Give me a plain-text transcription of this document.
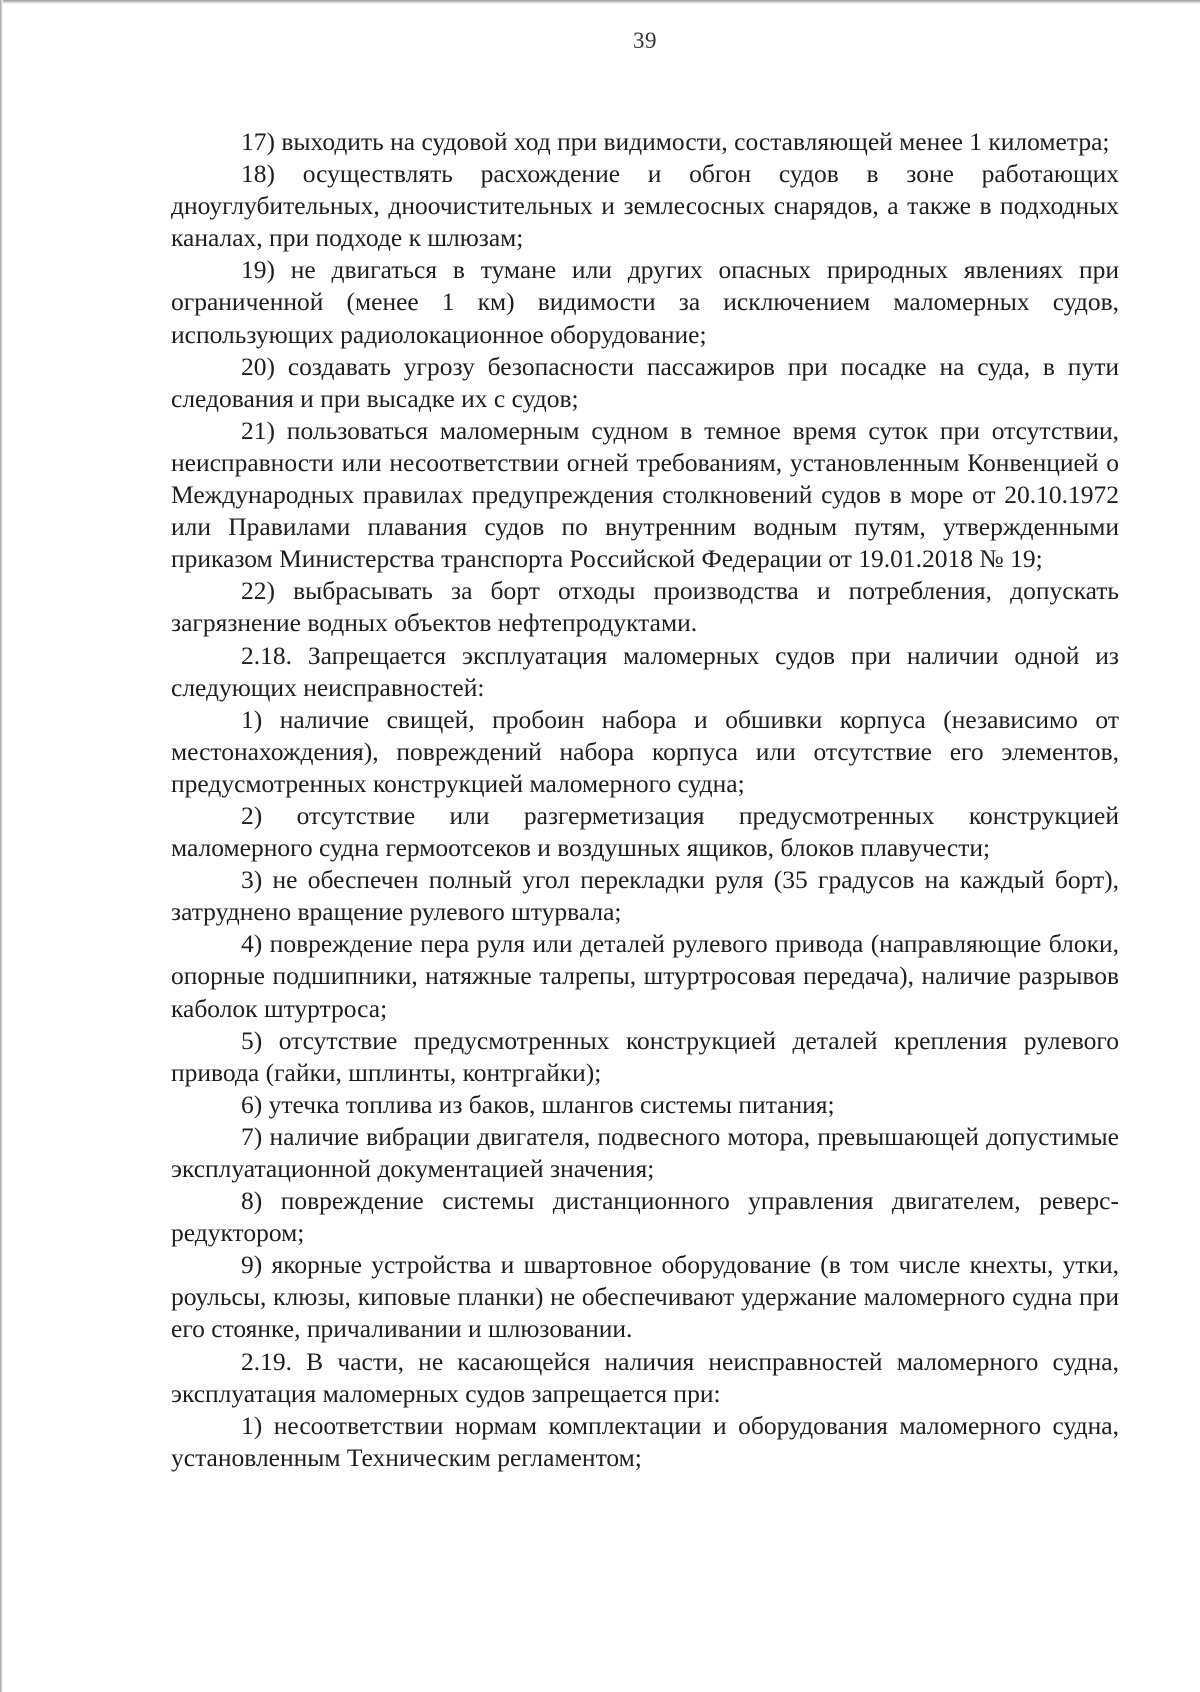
39

17) выходить на судовой ход при видимости, составляющей менее 1 километра;

18) осуществлять расхождение и обгон судов в зоне работающих дноуглубительных, дноочистительных и землесосных снарядов, а также в подходных каналах, при подходе к шлюзам;

19) не двигаться в тумане или других опасных природных явлениях при ограниченной (менее 1 км) видимости за исключением маломерных судов, использующих радиолокационное оборудование;

20) создавать угрозу безопасности пассажиров при посадке на суда, в пути следования и при высадке их с судов;

21) пользоваться маломерным судном в темное время суток при отсутствии, неисправности или несоответствии огней требованиям, установленным Конвенцией о Международных правилах предупреждения столкновений судов в море от 20.10.1972 или Правилами плавания судов по внутренним водным путям, утвержденными приказом Министерства транспорта Российской Федерации от 19.01.2018 № 19;

22) выбрасывать за борт отходы производства и потребления, допускать загрязнение водных объектов нефтепродуктами.

2.18. Запрещается эксплуатация маломерных судов при наличии одной из следующих неисправностей:

1) наличие свищей, пробоин набора и обшивки корпуса (независимо от местонахождения), повреждений набора корпуса или отсутствие его элементов, предусмотренных конструкцией маломерного судна;

2) отсутствие или разгерметизация предусмотренных конструкцией маломерного судна гермоотсеков и воздушных ящиков, блоков плавучести;

3) не обеспечен полный угол перекладки руля (35 градусов на каждый борт), затруднено вращение рулевого штурвала;

4) повреждение пера руля или деталей рулевого привода (направляющие блоки, опорные подшипники, натяжные талрепы, штуртросовая передача), наличие разрывов каболок штуртроса;

5) отсутствие предусмотренных конструкцией деталей крепления рулевого привода (гайки, шплинты, контргайки);

6) утечка топлива из баков, шлангов системы питания;

7) наличие вибрации двигателя, подвесного мотора, превышающей допустимые эксплуатационной документацией значения;

8) повреждение системы дистанционного управления двигателем, реверс-редуктором;

9) якорные устройства и швартовное оборудование (в том числе кнехты, утки, роульсы, клюзы, киповые планки) не обеспечивают удержание маломерного судна при его стоянке, причаливании и шлюзовании.

2.19. В части, не касающейся наличия неисправностей маломерного судна, эксплуатация маломерных судов запрещается при:

1) несоответствии нормам комплектации и оборудования маломерного судна, установленным Техническим регламентом;
